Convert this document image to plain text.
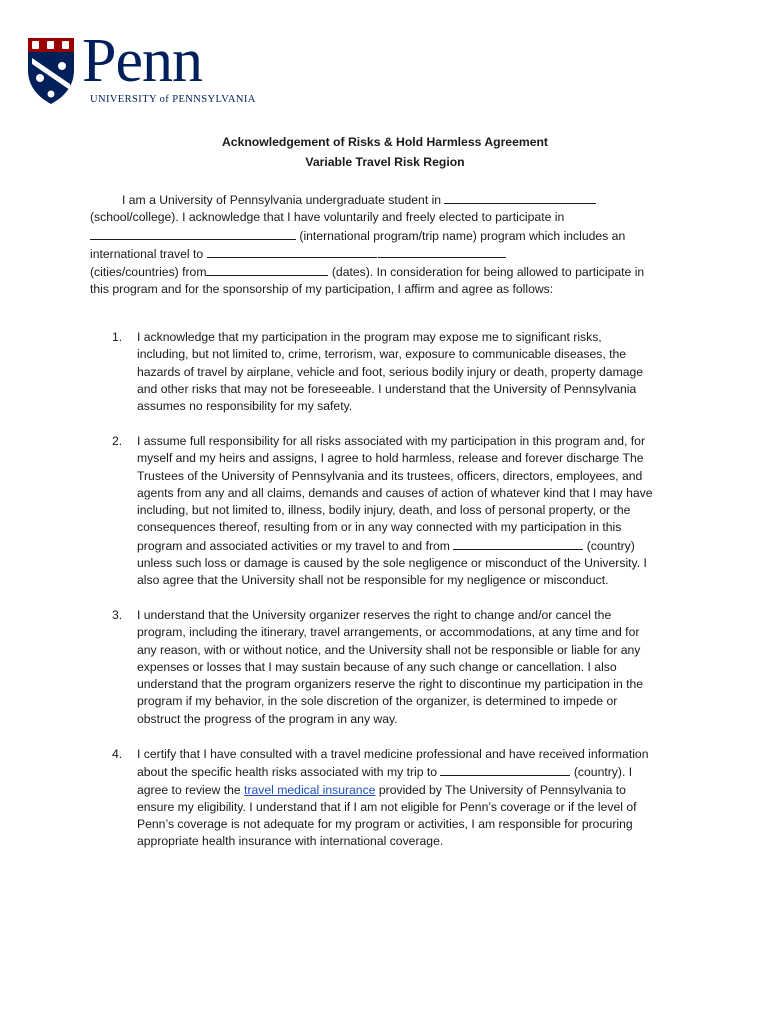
Penn
UNIVERSITY of PENNSYLVANIA
Acknowledgement of Risks & Hold Harmless Agreement
Variable Travel Risk Region
I am a University of Pennsylvania undergraduate student in
(school/college). I acknowledge that I have voluntarily and freely elected to participate in
(international program/trip name) program which includes an
international travel to
(cities/countries) from	(dates). In consideration for being allowed to participate in
this program and for the sponsorship of my participation, I affirm and agree as follows:
1. I acknowledge that my participation in the program may expose me to significant risks,
including, but not limited to, crime, terrorism, war, exposure to communicable diseases, the
hazards of travel by airplane, vehicle and foot, serious bodily injury or death, property damage
and other risks that may not be foreseeable. I understand that the University of Pennsylvania
assumes no responsibility for my safety.
2. I assume full responsibility for all risks associated with my participation in this program and, for
myself and my heirs and assigns, I agree to hold harmless, release and forever discharge The
Trustees of the University of Pennsylvania and its trustees, officers, directors, employees, and
agents from any and all claims, demands and causes of action of whatever kind that I may have
including, but not limited to, illness, bodily injury, death, and loss of personal property, or the
consequences thereof, resulting from or in any way connected with my participation in this
program and associated activities or my travel to and from	(country)
unless such loss or damage is caused by the sole negligence or misconduct of the University. I
also agree that the University shall not be responsible for my negligence or misconduct.
3. I understand that the University organizer reserves the right to change and/or cancel the
program, including the itinerary, travel arrangements, or accommodations, at any time and for
any reason, with or without notice, and the University shall not be responsible or liable for any
expenses or losses that I may sustain because of any such change or cancellation. I also
understand that the program organizers reserve the right to discontinue my participation in the
program if my behavior, in the sole discretion of the organizer, is determined to impede or
obstruct the progress of the program in any way.
4. I certify that I have consulted with a travel medicine professional and have received information
about the specific health risks associated with my trip to	(country). I
agree to review the travel medical insurance provided by The University of Pennsylvania to
ensure my eligibility. I understand that if I am not eligible for Penn’s coverage or if the level of
Penn’s coverage is not adequate for my program or activities, I am responsible for procuring
appropriate health insurance with international coverage.
